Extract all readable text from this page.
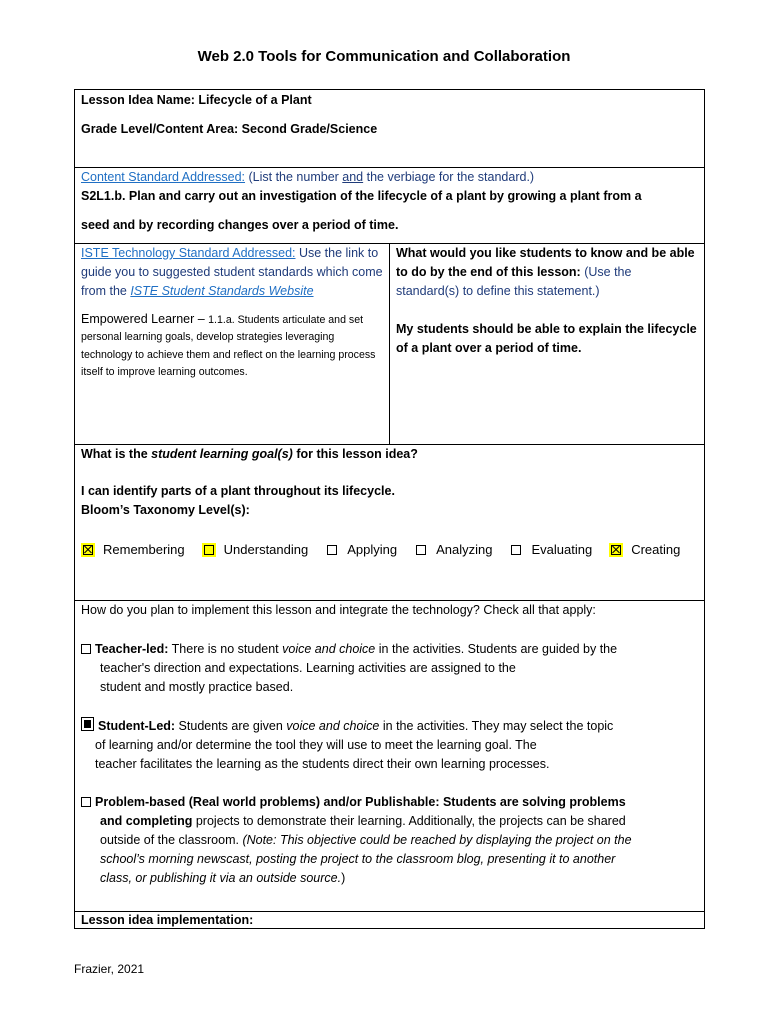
Web 2.0 Tools for Communication and Collaboration
Lesson Idea Name: Lifecycle of a Plant
Grade Level/Content Area: Second Grade/Science
Content Standard Addressed: (List the number and the verbiage for the standard.)
S2L1.b. Plan and carry out an investigation of the lifecycle of a plant by growing a plant from a
seed and by recording changes over a period of time.
ISTE Technology Standard Addressed: Use the link to guide you to suggested student standards which come from the ISTE Student Standards Website
Empowered Learner – 1.1.a. Students articulate and set personal learning goals, develop strategies leveraging technology to achieve them and reflect on the learning process itself to improve learning outcomes.
What would you like students to know and be able to do by the end of this lesson: (Use the standard(s) to define this statement.)
My students should be able to explain the lifecycle of a plant over a period of time.
What is the student learning goal(s) for this lesson idea?
I can identify parts of a plant throughout its lifecycle.
Bloom’s Taxonomy Level(s):
Remembering	Understanding	Applying	Analyzing	Evaluating	Creating
How do you plan to implement this lesson and integrate the technology? Check all that apply:

Teacher-led: There is no student voice and choice in the activities. Students are guided by the

teacher's direction and expectations. Learning activities are assigned to the

student and mostly practice based.

Student-Led: Students are given voice and choice in the activities. They may select the topic

of learning and/or determine the tool they will use to meet the learning goal. The

teacher facilitates the learning as the students direct their own learning processes.

Problem-based (Real world problems) and/or Publishable: Students are solving problems

and completing projects to demonstrate their learning. Additionally, the projects can be shared

outside of the classroom. (Note: This objective could be reached by displaying the project on the

school’s morning newscast, posting the project to the classroom blog, presenting it to another

class, or publishing it via an outside source.)

Lesson idea implementation:
Frazier, 2021
